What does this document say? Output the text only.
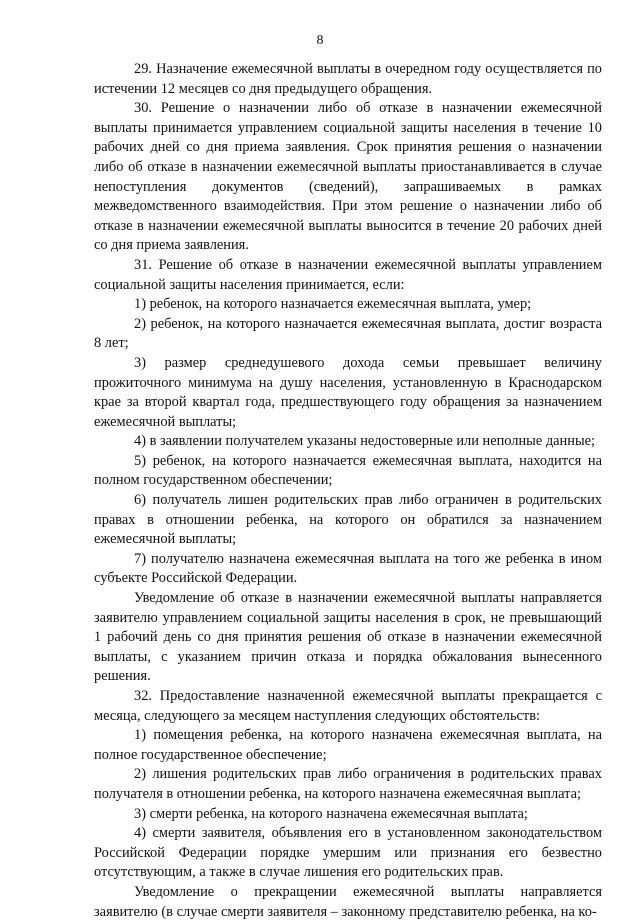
8

29. Назначение ежемесячной выплаты в очередном году осуществляется по истечении 12 месяцев со дня предыдущего обращения.

30. Решение о назначении либо об отказе в назначении ежемесячной выплаты принимается управлением социальной защиты населения в течение 10 рабочих дней со дня приема заявления. Срок принятия решения о назначении либо об отказе в назначении ежемесячной выплаты приостанавливается в случае непоступления документов (сведений), запрашиваемых в рамках межведомственного взаимодействия. При этом решение о назначении либо об отказе в назначении ежемесячной выплаты выносится в течение 20 рабочих дней со дня приема заявления.

31. Решение об отказе в назначении ежемесячной выплаты управлением социальной защиты населения принимается, если:

1) ребенок, на которого назначается ежемесячная выплата, умер;

2) ребенок, на которого назначается ежемесячная выплата, достиг возраста 8 лет;

3) размер среднедушевого дохода семьи превышает величину прожиточного минимума на душу населения, установленную в Краснодарском крае за второй квартал года, предшествующего году обращения за назначением ежемесячной выплаты;

4) в заявлении получателем указаны недостоверные или неполные данные;

5) ребенок, на которого назначается ежемесячная выплата, находится на полном государственном обеспечении;

6) получатель лишен родительских прав либо ограничен в родительских правах в отношении ребенка, на которого он обратился за назначением ежемесячной выплаты;

7) получателю назначена ежемесячная выплата на того же ребенка в ином субъекте Российской Федерации.

Уведомление об отказе в назначении ежемесячной выплаты направляется заявителю управлением социальной защиты населения в срок, не превышающий 1 рабочий день со дня принятия решения об отказе в назначении ежемесячной выплаты, с указанием причин отказа и порядка обжалования вынесенного решения.

32. Предоставление назначенной ежемесячной выплаты прекращается с месяца, следующего за месяцем наступления следующих обстоятельств:

1) помещения ребенка, на которого назначена ежемесячная выплата, на полное государственное обеспечение;

2) лишения родительских прав либо ограничения в родительских правах получателя в отношении ребенка, на которого назначена ежемесячная выплата;

3) смерти ребенка, на которого назначена ежемесячная выплата;

4) смерти заявителя, объявления его в установленном законодательством Российской Федерации порядке умершим или признания его безвестно отсутствующим, а также в случае лишения его родительских прав.

Уведомление о прекращении ежемесячной выплаты направляется заявителю (в случае смерти заявителя – законному представителю ребенка, на ко-
